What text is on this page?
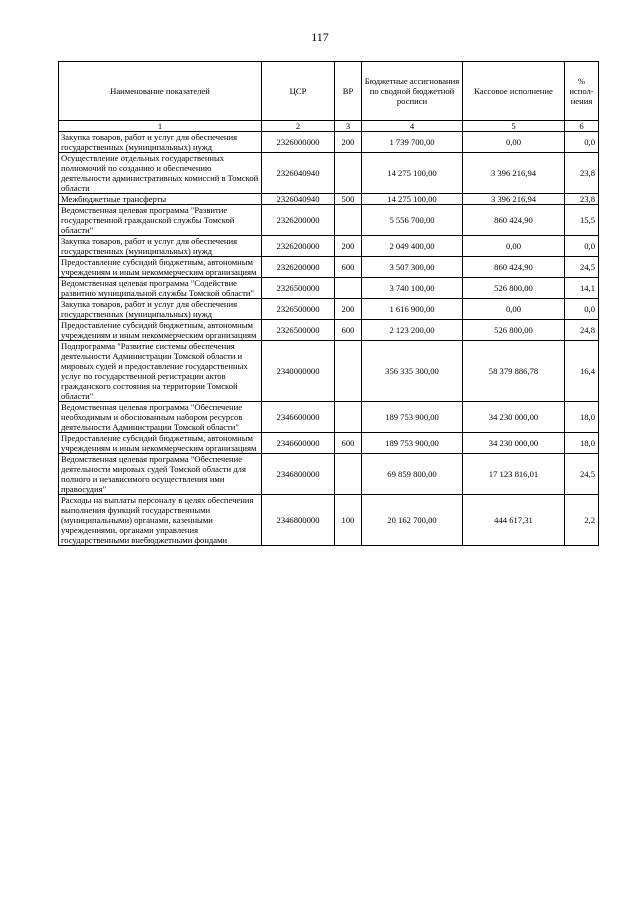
117
Наименование показателей	ЦСР	ВР	Бюджетные ассигнования по сводной бюджетной росписи	Кассовое исполнение	% испол-нения
1	2	3	4	5	6
Закупка товаров, работ и услуг для обеспечения государственных (муниципальных) нужд	2326000000	200	1 739 700,00	0,00	0,0
Осуществление отдельных государственных полномочий по созданию и обеспечению деятельности административных комиссий в Томской области	2326040940		14 275 100,00	3 396 216,94	23,8
Межбюджетные трансферты	2326040940	500	14 275 100,00	3 396 216,94	23,8
Ведомственная целевая программа "Развитие государственной гражданской службы Томской области"	2326200000		5 556 700,00	860 424,90	15,5
Закупка товаров, работ и услуг для обеспечения государственных (муниципальных) нужд	2326200000	200	2 049 400,00	0,00	0,0
Предоставление субсидий бюджетным, автономным учреждениям и иным некоммерческим организациям	2326200000	600	3 507 300,00	860 424,90	24,5
Ведомственная целевая программа "Содействие развитию муниципальной службы Томской области"	2326500000		3 740 100,00	526 800,00	14,1
Закупка товаров, работ и услуг для обеспечения государственных (муниципальных) нужд	2326500000	200	1 616 900,00	0,00	0,0
Предоставление субсидий бюджетным, автономным учреждениям и иным некоммерческим организациям	2326500000	600	2 123 200,00	526 800,00	24,8
Подпрограмма "Развитие системы обеспечения деятельности Администрации Томской области и мировых судей и предоставление государственных услуг по государственной регистрации актов гражданского состояния на территории Томской области"	2340000000		356 335 300,00	58 379 886,78	16,4
Ведомственная целевая программа "Обеспечение необходимым и обоснованным набором ресурсов деятельности Администрации Томской области"	2346600000		189 753 900,00	34 230 000,00	18,0
Предоставление субсидий бюджетным, автономным учреждениям и иным некоммерческим организациям	2346600000	600	189 753 900,00	34 230 000,00	18,0
Ведомственная целевая программа "Обеспечение деятельности мировых судей Томской области для полного и независимого осуществления ими правосудия"	2346800000		69 859 800,00	17 123 816,01	24,5
Расходы на выплаты персоналу в целях обеспечения выполнения функций государственными (муниципальными) органами, казенными учреждениями, органами управления государственными внебюджетными фондами	2346800000	100	20 162 700,00	444 617,31	2,2
